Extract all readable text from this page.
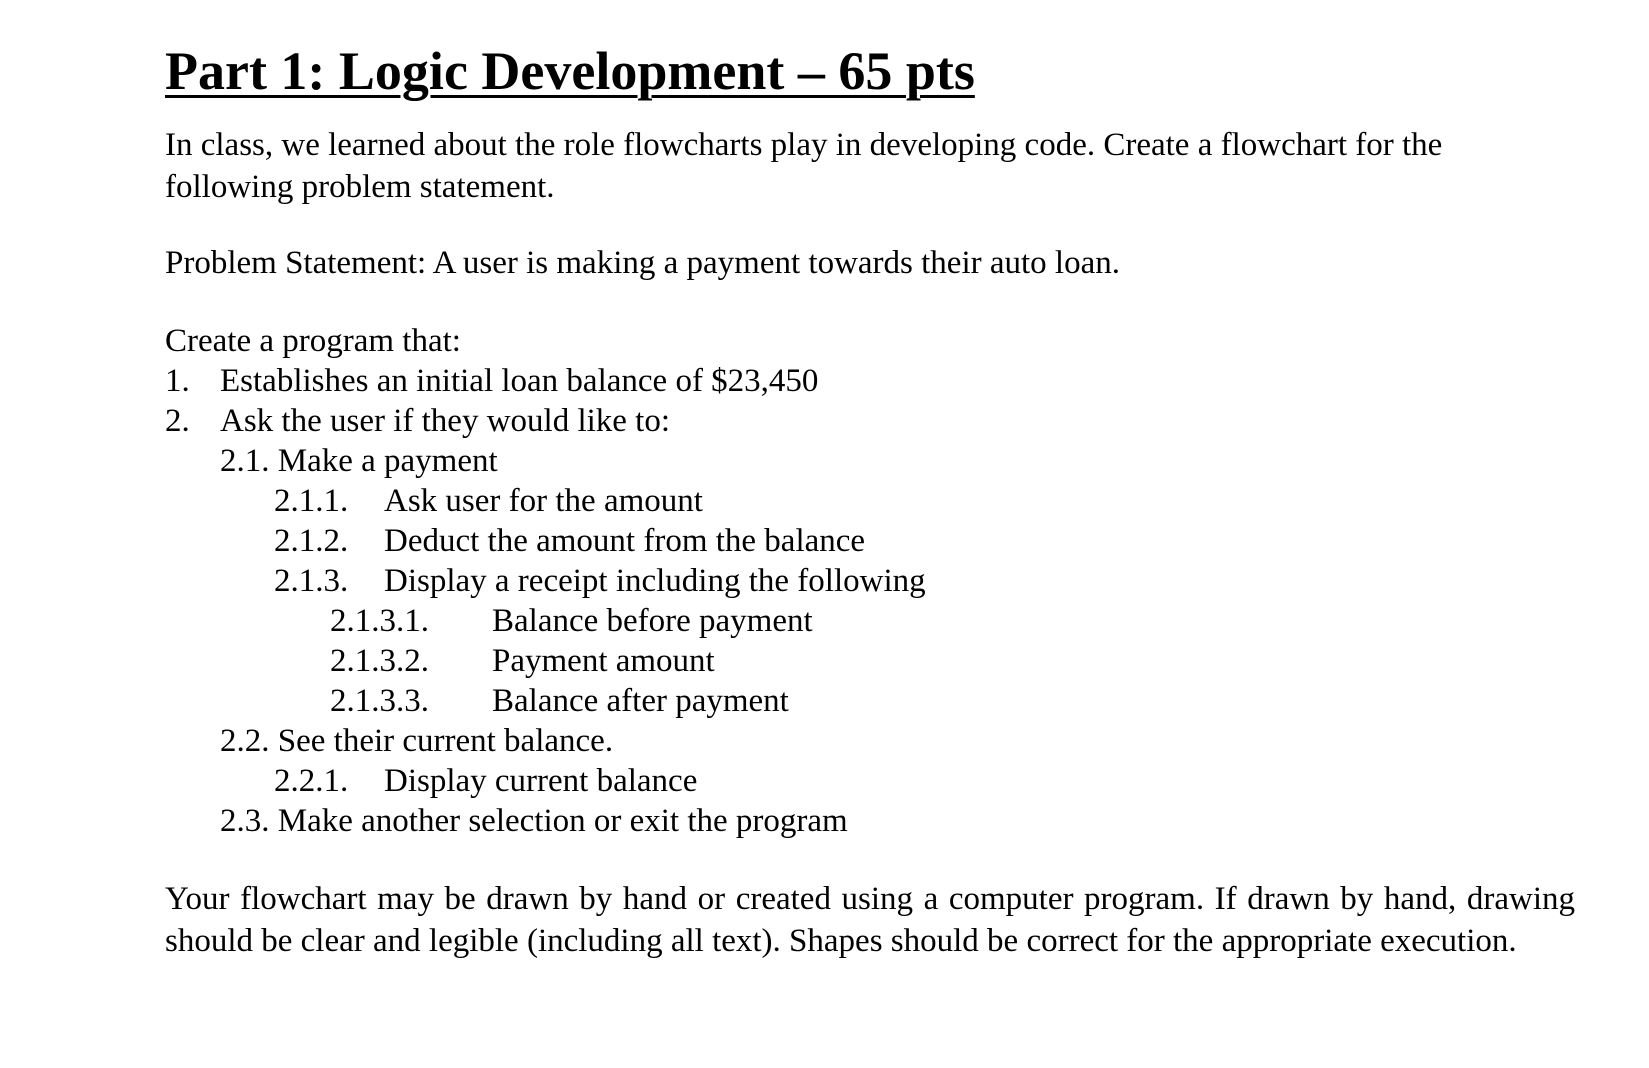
Part 1: Logic Development – 65 pts

In class, we learned about the role flowcharts play in developing code. Create a flowchart for the following problem statement.

Problem Statement: A user is making a payment towards their auto loan.

Create a program that:

1. Establishes an initial loan balance of $23,450
2. Ask the user if they would like to:
2.1. Make a payment
2.1.1. Ask user for the amount
2.1.2. Deduct the amount from the balance
2.1.3. Display a receipt including the following
2.1.3.1. Balance before payment
2.1.3.2. Payment amount
2.1.3.3. Balance after payment
2.2. See their current balance.
2.2.1. Display current balance
2.3. Make another selection or exit the program

Your flowchart may be drawn by hand or created using a computer program. If drawn by hand, drawing should be clear and legible (including all text). Shapes should be correct for the appropriate execution.
